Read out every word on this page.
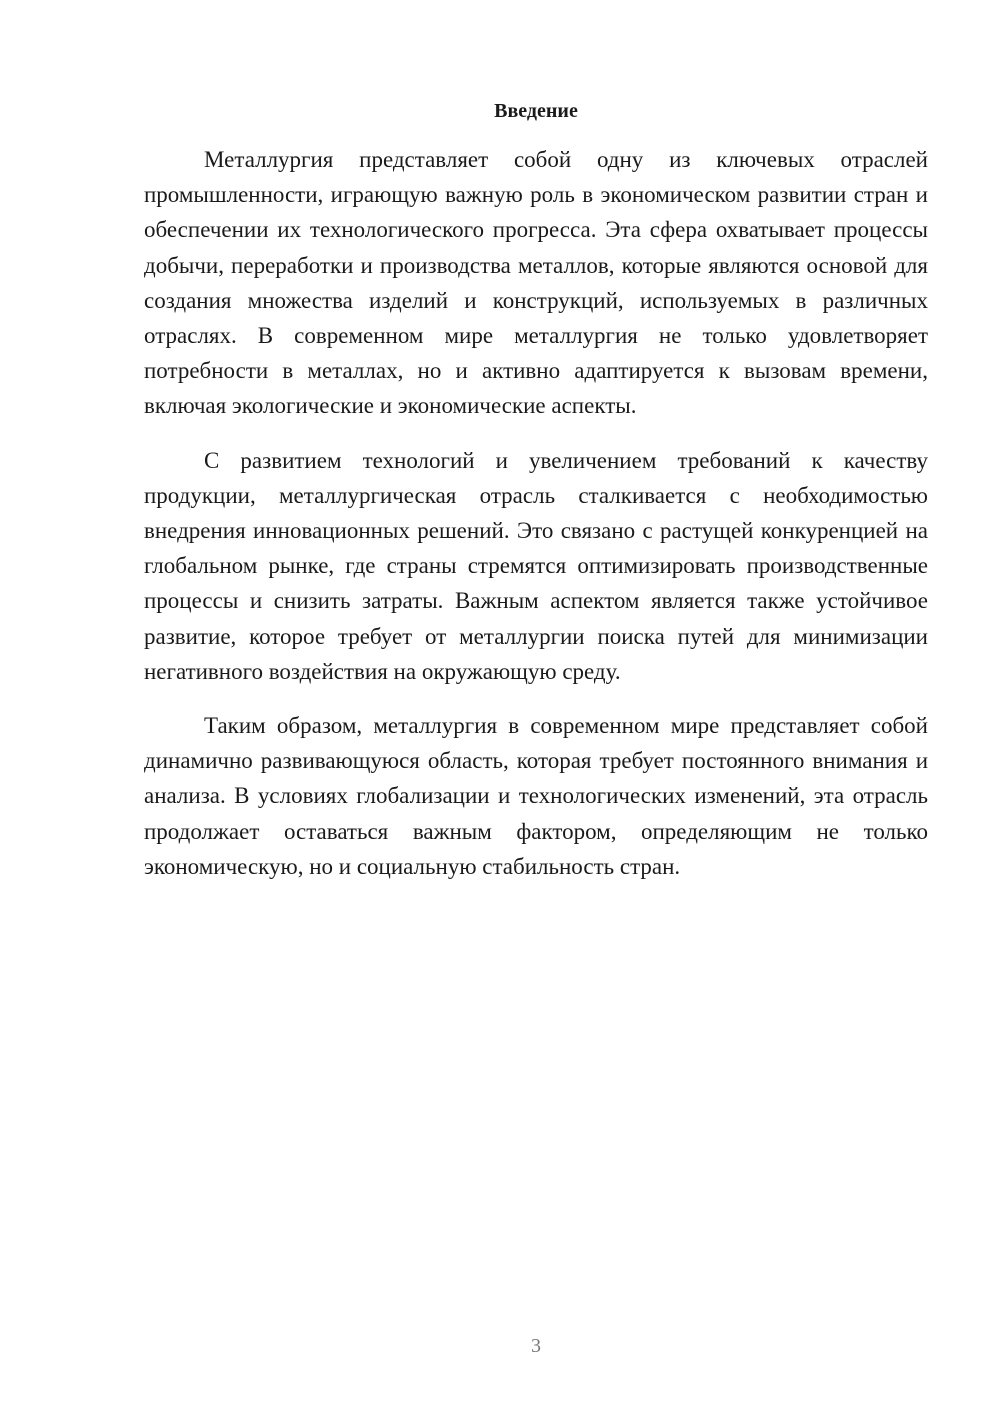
Введение

Металлургия представляет собой одну из ключевых отраслей промышленности, играющую важную роль в экономическом развитии стран и обеспечении их технологического прогресса. Эта сфера охватывает процессы добычи, переработки и производства металлов, которые являются основой для создания множества изделий и конструкций, используемых в различных отраслях. В современном мире металлургия не только удовлетворяет потребности в металлах, но и активно адаптируется к вызовам времени, включая экологические и экономические аспекты.

С развитием технологий и увеличением требований к качеству продукции, металлургическая отрасль сталкивается с необходимостью внедрения инновационных решений. Это связано с растущей конкуренцией на глобальном рынке, где страны стремятся оптимизировать производственные процессы и снизить затраты. Важным аспектом является также устойчивое развитие, которое требует от металлургии поиска путей для минимизации негативного воздействия на окружающую среду.

Таким образом, металлургия в современном мире представляет собой динамично развивающуюся область, которая требует постоянного внимания и анализа. В условиях глобализации и технологических изменений, эта отрасль продолжает оставаться важным фактором, определяющим не только экономическую, но и социальную стабильность стран.

3
